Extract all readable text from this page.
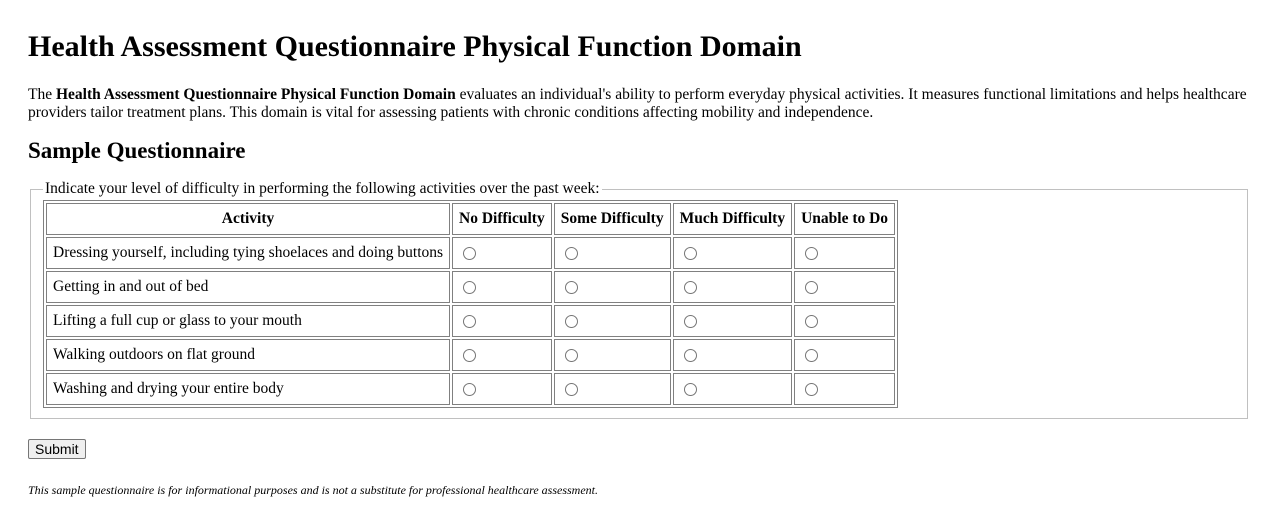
Health Assessment Questionnaire Physical Function Domain

The Health Assessment Questionnaire Physical Function Domain evaluates an individual's ability to perform everyday physical activities. It measures functional limitations and helps healthcare providers tailor treatment plans. This domain is vital for assessing patients with chronic conditions affecting mobility and independence.

Sample Questionnaire
Indicate your level of difficulty in performing the following activities over the past week:
Activity	No Difficulty	Some Difficulty	Much Difficulty	Unable to Do
Dressing yourself, including tying shoelaces and doing buttons				
Getting in and out of bed				
Lifting a full cup or glass to your mouth				
Walking outdoors on flat ground				
Washing and drying your entire body				
Submit

This sample questionnaire is for informational purposes and is not a substitute for professional healthcare assessment.
